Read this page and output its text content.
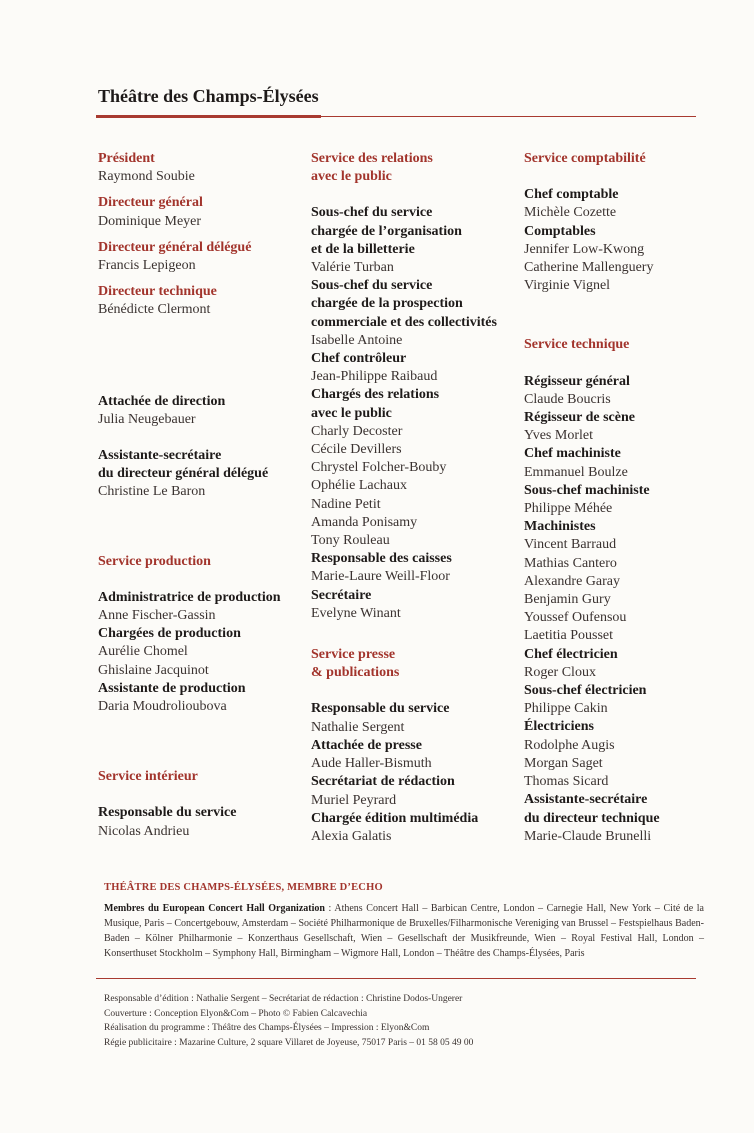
Théâtre des Champs-Élysées
Président
Raymond Soubie
Directeur général
Dominique Meyer
Directeur général délégué
Francis Lepigeon
Directeur technique
Bénédicte Clermont
Attachée de direction
Julia Neugebauer
Assistante-secrétaire
du directeur général délégué
Christine Le Baron
Service production
Administratrice de production
Anne Fischer-Gassin
Chargées de production
Aurélie Chomel
Ghislaine Jacquinot
Assistante de production
Daria Moudrolioubova
Service intérieur
Responsable du service
Nicolas Andrieu
Service des relations
avec le public
Sous-chef du service
chargée de l’organisation
et de la billetterie
Valérie Turban
Sous-chef du service
chargée de la prospection
commerciale et des collectivités
Isabelle Antoine
Chef contrôleur
Jean-Philippe Raibaud
Chargés des relations
avec le public
Charly Decoster
Cécile Devillers
Chrystel Folcher-Bouby
Ophélie Lachaux
Nadine Petit
Amanda Ponisamy
Tony Rouleau
Responsable des caisses
Marie-Laure Weill-Floor
Secrétaire
Evelyne Winant
Service presse
& publications
Responsable du service
Nathalie Sergent
Attachée de presse
Aude Haller-Bismuth
Secrétariat de rédaction
Muriel Peyrard
Chargée édition multimédia
Alexia Galatis
Service comptabilité
Chef comptable
Michèle Cozette
Comptables
Jennifer Low-Kwong
Catherine Mallenguery
Virginie Vignel
Service technique
Régisseur général
Claude Boucris
Régisseur de scène
Yves Morlet
Chef machiniste
Emmanuel Boulze
Sous-chef machiniste
Philippe Méhée
Machinistes
Vincent Barraud
Mathias Cantero
Alexandre Garay
Benjamin Gury
Youssef Oufensou
Laetitia Pousset
Chef électricien
Roger Cloux
Sous-chef électricien
Philippe Cakin
Électriciens
Rodolphe Augis
Morgan Saget
Thomas Sicard
Assistante-secrétaire
du directeur technique
Marie-Claude Brunelli
THÉÂTRE DES CHAMPS-ÉLYSÉES, MEMBRE D’ECHO
Membres du European Concert Hall Organization : Athens Concert Hall – Barbican Centre, London – Carnegie Hall, New York – Cité de la Musique, Paris – Concertgebouw, Amsterdam – Société Philharmonique de Bruxelles/Filharmonische Vereniging van Brussel – Festspielhaus Baden-Baden – Kölner Philharmonie – Konzerthaus Gesellschaft, Wien – Gesellschaft der Musikfreunde, Wien – Royal Festival Hall, London – Konserthuset Stockholm – Symphony Hall, Birmingham – Wigmore Hall, London – Théâtre des Champs-Élysées, Paris
Responsable d’édition : Nathalie Sergent – Secrétariat de rédaction : Christine Dodos-Ungerer
Couverture : Conception Elyon&Com – Photo © Fabien Calcavechia
Réalisation du programme : Théâtre des Champs-Élysées – Impression : Elyon&Com
Régie publicitaire : Mazarine Culture, 2 square Villaret de Joyeuse, 75017 Paris – 01 58 05 49 00
